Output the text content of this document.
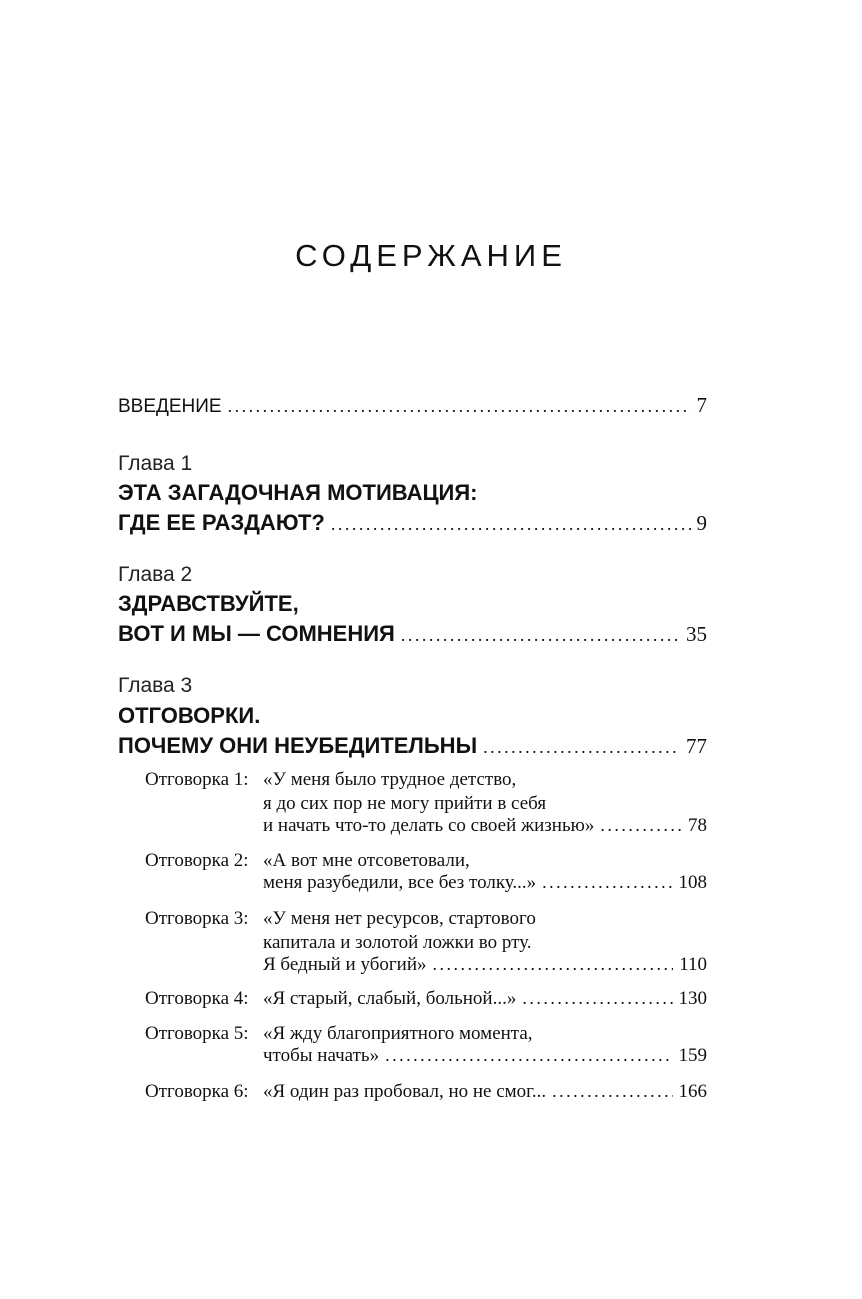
СОДЕРЖАНИЕ
ВВЕДЕНИЕ .....	7
Глава 1
ЭТА ЗАГАДОЧНАЯ МОТИВАЦИЯ:
ГДЕ ЕЕ РАЗДАЮТ? .....	9
Глава 2
ЗДРАВСТВУЙТЕ,
ВОТ И МЫ — СОМНЕНИЯ .....	35
Глава 3
ОТГОВОРКИ.
ПОЧЕМУ ОНИ НЕУБЕДИТЕЛЬНЫ .....	77
Отговорка 1: «У меня было трудное детство,
я до сих пор не могу прийти в себя
и начать что-то делать со своей жизнью» .....	78
Отговорка 2: «А вот мне отсоветовали,
меня разубедили, все без толку...» .....	108
Отговорка 3: «У меня нет ресурсов, стартового
капитала и золотой ложки во рту.
Я бедный и убогий» .....	110
Отговорка 4: «Я старый, слабый, больной...» .....	130
Отговорка 5: «Я жду благоприятного момента,
чтобы начать» .....	159
Отговорка 6: «Я один раз пробовал, но не смог... .....	166
